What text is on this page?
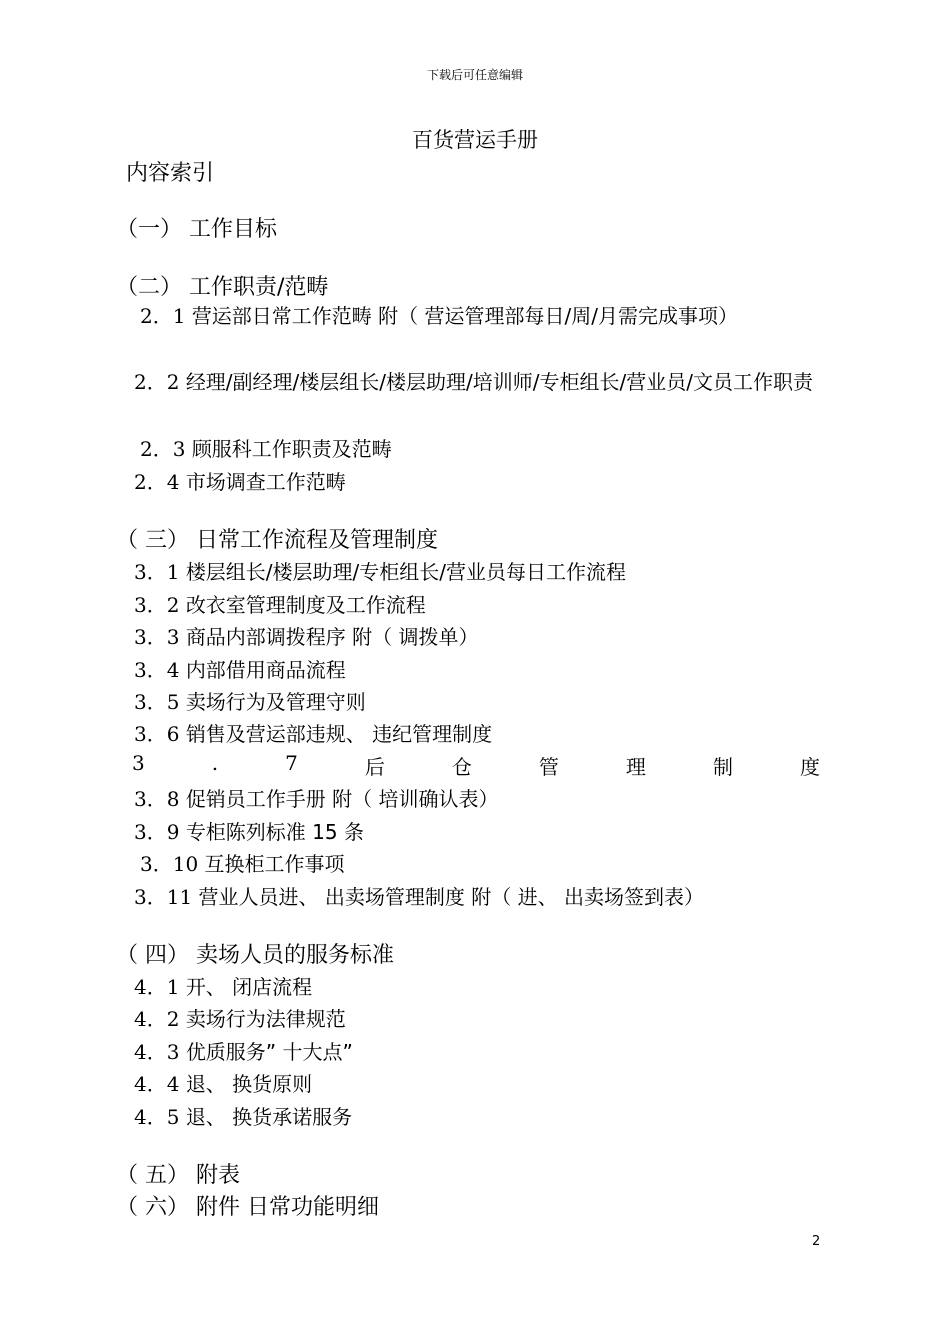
下载后可任意编辑
百货营运手册
内容索引
（一） 工作目标
（二） 工作职责/范畴
2．1 营运部日常工作范畴 附（ 营运管理部每日/周/月需完成事项）
2．2 经理/副经理/楼层组长/楼层助理/培训师/专柜组长/营业员/文员工作职责
2．3 顾服科工作职责及范畴
2．4 市场调查工作范畴
（ 三） 日常工作流程及管理制度
3．1 楼层组长/楼层助理/专柜组长/营业员每日工作流程
3．2 改衣室管理制度及工作流程
3．3 商品内部调拨程序 附（ 调拨单）
3．4 内部借用商品流程
3．5 卖场行为及管理守则
3．6 销售及营运部违规、 违纪管理制度
3	.	7	后	仓	管	理	制	度
3．8 促销员工作手册 附（ 培训确认表）
3．9 专柜陈列标准 15 条
3．10 互换柜工作事项
3．11 营业人员进、 出卖场管理制度 附（ 进、 出卖场签到表）
（ 四） 卖场人员的服务标准
4．1 开、 闭店流程
4．2 卖场行为法律规范
4．3 优质服务” 十大点”
4．4 退、 换货原则
4．5 退、 换货承诺服务
（ 五） 附表
（ 六） 附件 日常功能明细
2
